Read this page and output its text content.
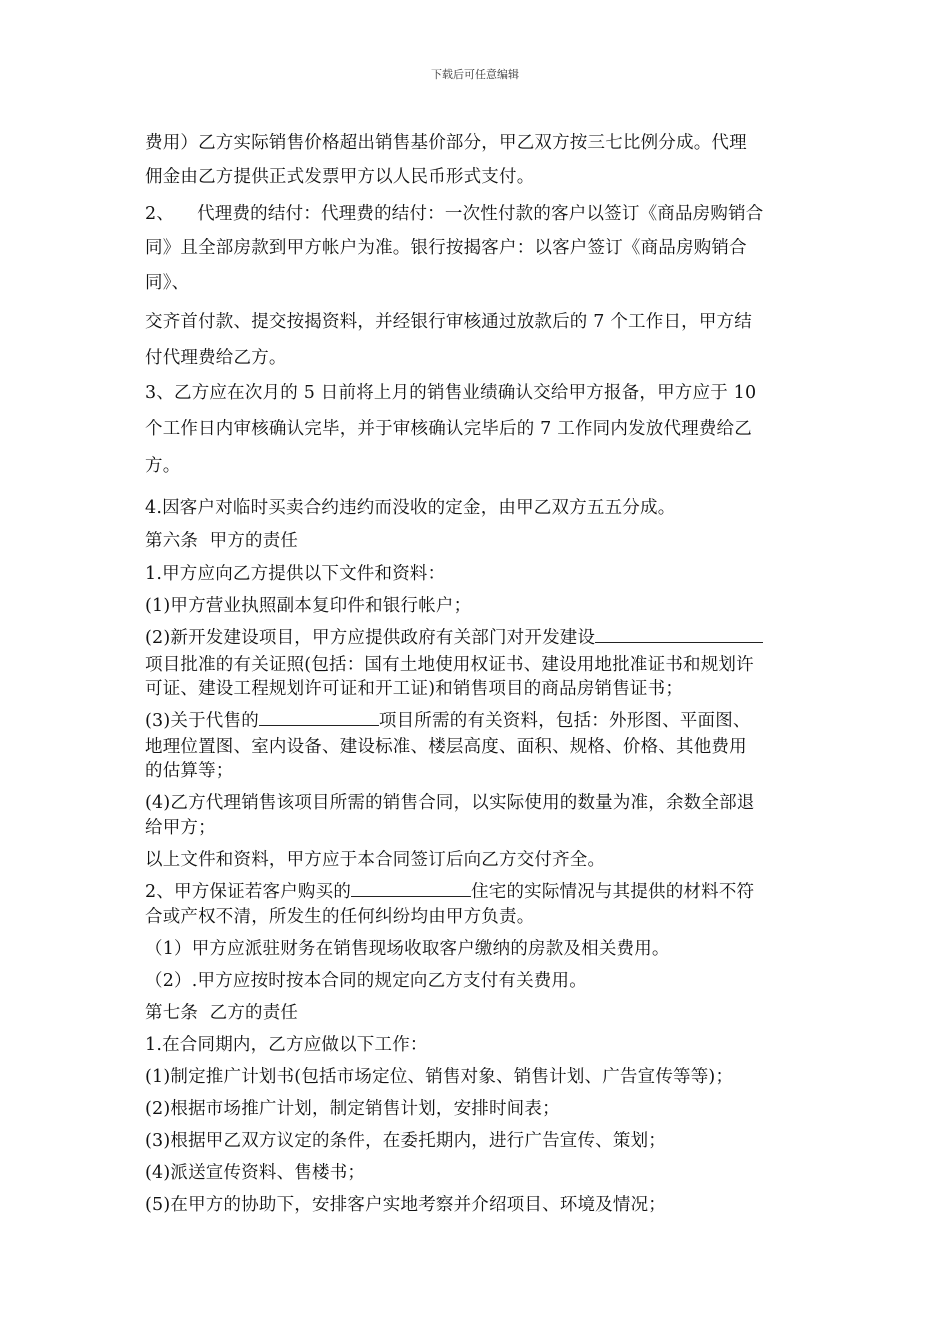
下载后可任意编辑
费用）乙方实际销售价格超出销售基价部分，甲乙双方按三七比例分成。代理
佣金由乙方提供正式发票甲方以人民币形式支付。
2、    代理费的结付：代理费的结付：一次性付款的客户以签订《商品房购销合
同》且全部房款到甲方帐户为准。银行按揭客户：以客户签订《商品房购销合
同》、
交齐首付款、提交按揭资料，并经银行审核通过放款后的 7 个工作日，甲方结
付代理费给乙方。
3、乙方应在次月的 5 日前将上月的销售业绩确认交给甲方报备，甲方应于 10
个工作日内审核确认完毕，并于审核确认完毕后的 7 工作同内发放代理费给乙
方。
4.因客户对临时买卖合约违约而没收的定金，由甲乙双方五五分成。
第六条  甲方的责任
1.甲方应向乙方提供以下文件和资料：
(1)甲方营业执照副本复印件和银行帐户；
(2)新开发建设项目，甲方应提供政府有关部门对开发建设
项目批准的有关证照(包括：国有土地使用权证书、建设用地批准证书和规划许
可证、建设工程规划许可证和开工证)和销售项目的商品房销售证书；
(3)关于代售的	项目所需的有关资料，包括：外形图、平面图、
地理位置图、室内设备、建设标准、楼层高度、面积、规格、价格、其他费用
的估算等；
(4)乙方代理销售该项目所需的销售合同，以实际使用的数量为准，余数全部退
给甲方；
以上文件和资料，甲方应于本合同签订后向乙方交付齐全。
2、甲方保证若客户购买的	住宅的实际情况与其提供的材料不符
合或产权不清，所发生的任何纠纷均由甲方负责。
（1）甲方应派驻财务在销售现场收取客户缴纳的房款及相关费用。
（2）.甲方应按时按本合同的规定向乙方支付有关费用。
第七条  乙方的责任
1.在合同期内，乙方应做以下工作：
(1)制定推广计划书(包括市场定位、销售对象、销售计划、广告宣传等等)；
(2)根据市场推广计划，制定销售计划，安排时间表；
(3)根据甲乙双方议定的条件，在委托期内，进行广告宣传、策划；
(4)派送宣传资料、售楼书；
(5)在甲方的协助下，安排客户实地考察并介绍项目、环境及情况；
